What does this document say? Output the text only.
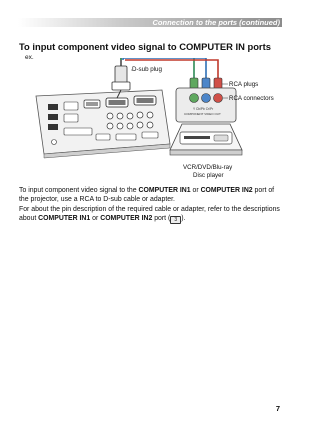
Connection to the ports (continued)
To input component video signal to COMPUTER IN ports
ex.
Y Cb/Pb Cr/Pr
COMPONENT VIDEO OUT
D-sub plug
RCA plugs
RCA connectors
VCR/DVD/Blu-ray
Disc player

To input component video signal to the COMPUTER IN1 or COMPUTER IN2 port of the projector, use a RCA to D-sub cable or adapter.

For about the pin description of the required cable or adapter, refer to the descriptions about COMPUTER IN1 or COMPUTER IN2 port ( 3 ).

7
